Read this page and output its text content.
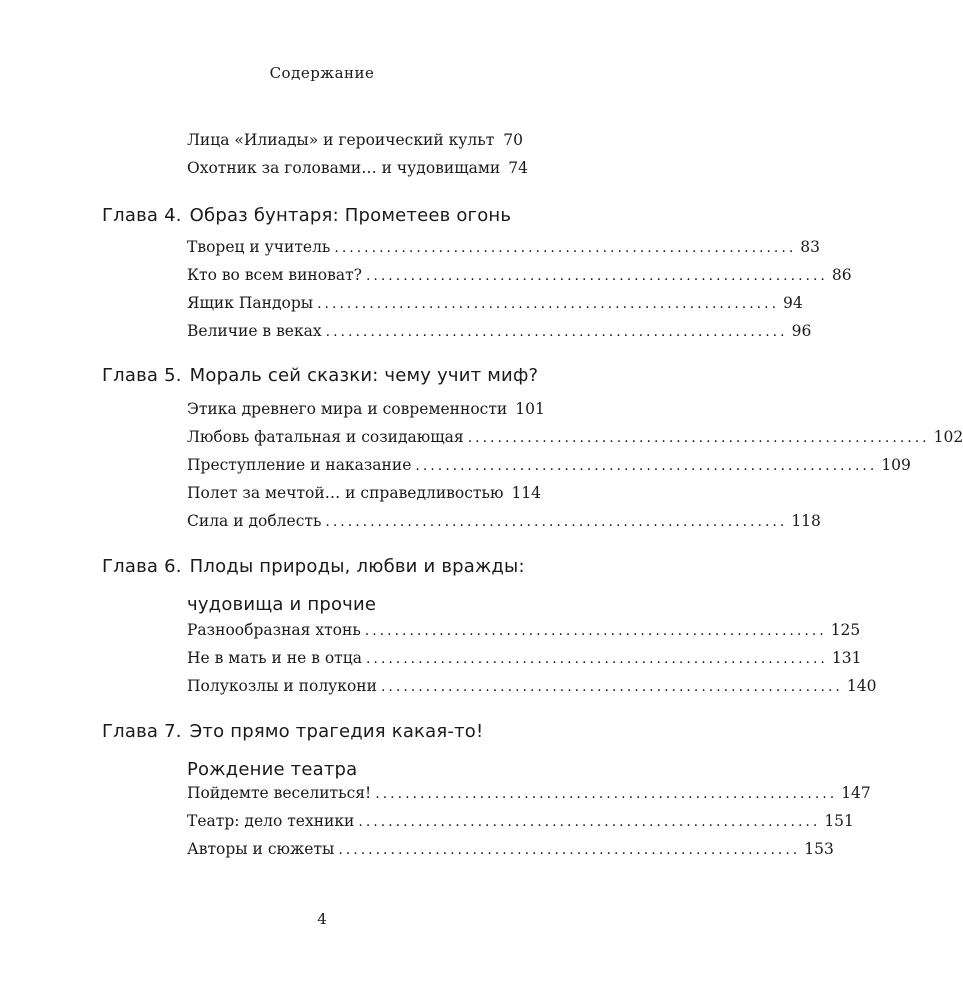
Содержание
Лица «Илиады» и героический культ 70
Охотник за головами… и чудовищами 74
Глава 4. Образ бунтаря: Прометеев огонь
Творец и учитель .............................................................. 83
Кто во всем виноват? .............................................................. 86
Ящик Пандоры .............................................................. 94
Величие в веках .............................................................. 96
Глава 5. Мораль сей сказки: чему учит миф?
Этика древнего мира и современности 101
Любовь фатальная и созидающая .............................................................. 102
Преступление и наказание .............................................................. 109
Полет за мечтой… и справедливостью 114
Сила и доблесть .............................................................. 118
Глава 6. Плоды природы, любви и вражды:
чудовища и прочие
Разнообразная хтонь .............................................................. 125
Не в мать и не в отца .............................................................. 131
Полукозлы и полукони .............................................................. 140
Глава 7. Это прямо трагедия какая-то!
Рождение театра
Пойдемте веселиться! .............................................................. 147
Театр: дело техники .............................................................. 151
Авторы и сюжеты .............................................................. 153
4
